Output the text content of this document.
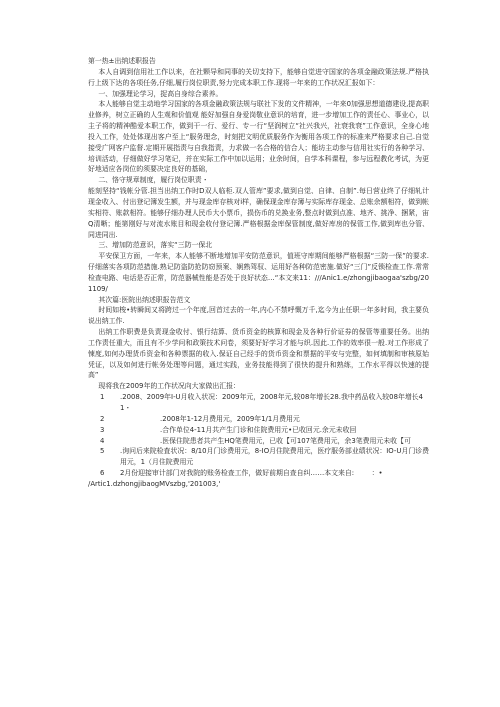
第一热±出纳述职报告

本人自调到信用社工作以来，在社颗导和同事的关切支持下，能够自觉进守国家的各项金融政策法规.严格执行上级下达的各项任务,仔细,履行岗位职责,努力完成本职工作.现将一年来的工作状况汇报如下：

一、加强理论学习，捉高自身综合素养。

本人能够自觉主动地学习国家的各项金融政策法规与联社下发的文件精神，一年来0加强思想道德建设,提高职业修养，树立正确的人生观和价值观 能好加强自身爱岗敬业意识的培育，进一步增加工作的责任心、事业心，以主子将的精神酷爱本职工作，做到干一行、爱行、专一行“坚润树立“社兴我兴，社衰我衰”工作意识，全身心地投入工作，处处体现出客户至上“服务理念，时刻把文明优质服务作为衡用各项工作的标准来严格要求自己.自觉接受广网客户监督.定期开展指责与自我指责，力求做一名合格的信合人；能坊主动参与信用社实行的各种学习、培训活动，仔细做好学习笔记，并在实际工作中加以运用；业余时间，自学本科课程，参与远程教化考试，为更好地适应各岗位的须要决定良好的基础，

二、恪守规章制度，履行岗位职责・

能刻坚持“钱帐分管.担当出纳工作时D双人临柜.双人管库”要求,做到自觉、自律、自制”.每日营业终了仔细轧计现金收入、付出登记簿发生额，并与现金库存核对i样，确保现金库存簿与实际库存现金、总账余额相符，做到帐实相符、账款相符。能够仔细办理人民币大小票币，损伤币的兑换业务,整点时做到点准、地齐、挑净、捆紧，宙Q清晰；能第刚好与对流水账目和现金收付登记簿.严格根据金库保管制度,做好库房的保管工作,做到库也分管、同进同出.

三、增加防范意识，落实“三防一保北

平安保卫方面，一年来，本人能够不断地增加平安防范意识，值班守库期间能够严格根据“三防一保”的要求.仔细落实各项防范措施.熟记防盗防抢防窃预案、娴熟驾驭、运用好各种防范密施.做好“三门”反锁检查工作.常常检查电路、电话是否正常，防范器械性能是否处于良好状态…“本文来11：///Anic1.e/zhongjibaogaa'szbg/201109/

其次篇:医院出纳述职报告范文

时间如梭•转瞬间又将跨过一个年度,回首过去的一年,内心不禁呼慨万千,迄今为止任职一年多时间，我主要负说出纳工作.

出纳工作职费是负责现金收付、银行结算、货币资金的核算和现金及各种行价证券的保管等重要任务。出纳工作责任重大，而且有不少学问和政策技术问卷，须要好好学习才能与织.因此.工作的效率很一般.对工作形成了悚度,如何办理货币资金和各种票据的收入.保证自己经手的货币资金和票据的平安与完整，如何填制和审核原始凭证，以及如何进行帐务处理等问题，通过实践，业务技能得到了很快的提升和熟练，工作水平得以快速的提高”

现将我在2009年的工作状况向大家做出汇报：

1	.2008、2009年I-U月收入状况：2009年元，2008年元,较08年增长28.我中药品收入较08年增长41・
2	.2008年1-12月费用元，2009年1/1月费用元
3	.合作单位4-11月共产生门诊和住院费用元•已收回元.余元未收回
4	.医保住院患者共产生HQ笔费用元，已收【可107笔费用元，余3笔费用元未收【可
5	.询问后来院检査状况：8/10月门诊费用元，8-IO月住院费用元，医疗服务部业绩状况：IO-U月门诊费用元，1（月住院费用元
6	2月份迎接审计部门对我院的账务检查工作，做好前期自查自纠……本文来自:        ：•

/Artic1.dzhongjibaogMVszbg,'201003,'
